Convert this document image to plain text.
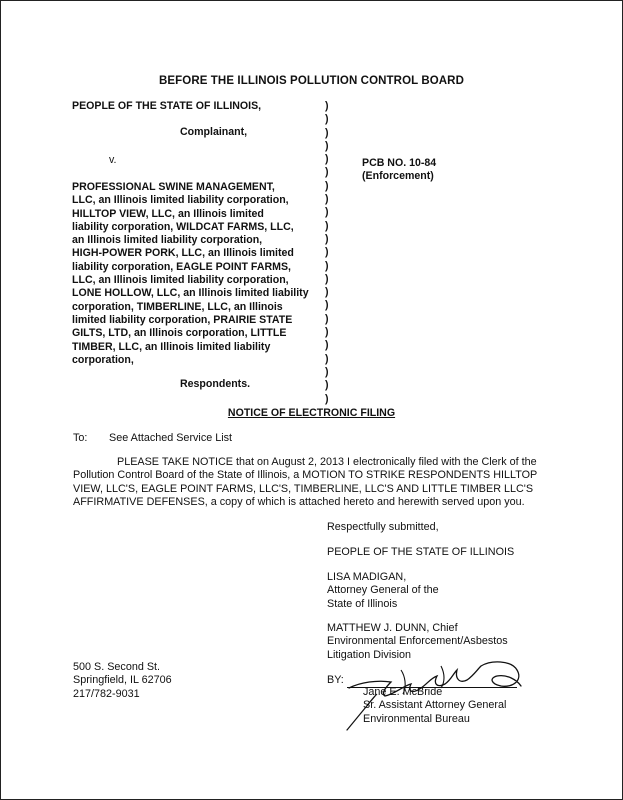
BEFORE THE ILLINOIS POLLUTION CONTROL BOARD
PEOPLE OF THE STATE OF ILLINOIS,
Complainant,
v.
PROFESSIONAL SWINE MANAGEMENT,
LLC, an Illinois limited liability corporation,
HILLTOP VIEW, LLC, an Illinois limited
liability corporation, WILDCAT FARMS, LLC,
an Illinois limited liability corporation,
HIGH-POWER PORK, LLC, an Illinois limited
liability corporation, EAGLE POINT FARMS,
LLC, an Illinois limited liability corporation,
LONE HOLLOW, LLC, an Illinois limited liability
corporation, TIMBERLINE, LLC, an Illinois
limited liability corporation, PRAIRIE STATE
GILTS, LTD, an Illinois corporation, LITTLE
TIMBER, LLC, an Illinois limited liability
corporation,
Respondents.
)
)
)
)
)
)
)
)
)
)
)
)
)
)
)
)
)
)
)
)
)
)
)
PCB NO. 10-84
(Enforcement)
NOTICE OF ELECTRONIC FILING
To: See Attached Service List
PLEASE TAKE NOTICE that on August 2, 2013 I electronically filed with the Clerk of the Pollution Control Board of the State of Illinois, a MOTION TO STRIKE RESPONDENTS HILLTOP VIEW, LLC'S, EAGLE POINT FARMS, LLC'S, TIMBERLINE, LLC'S AND LITTLE TIMBER LLC'S AFFIRMATIVE DEFENSES, a copy of which is attached hereto and herewith served upon you.
Respectfully submitted,
PEOPLE OF THE STATE OF ILLINOIS
LISA MADIGAN,
Attorney General of the
State of Illinois
MATTHEW J. DUNN, Chief
Environmental Enforcement/Asbestos
Litigation Division
500 S. Second St.
Springfield, IL 62706
217/782-9031
BY:
Jane E. McBride
Sr. Assistant Attorney General
Environmental Bureau
